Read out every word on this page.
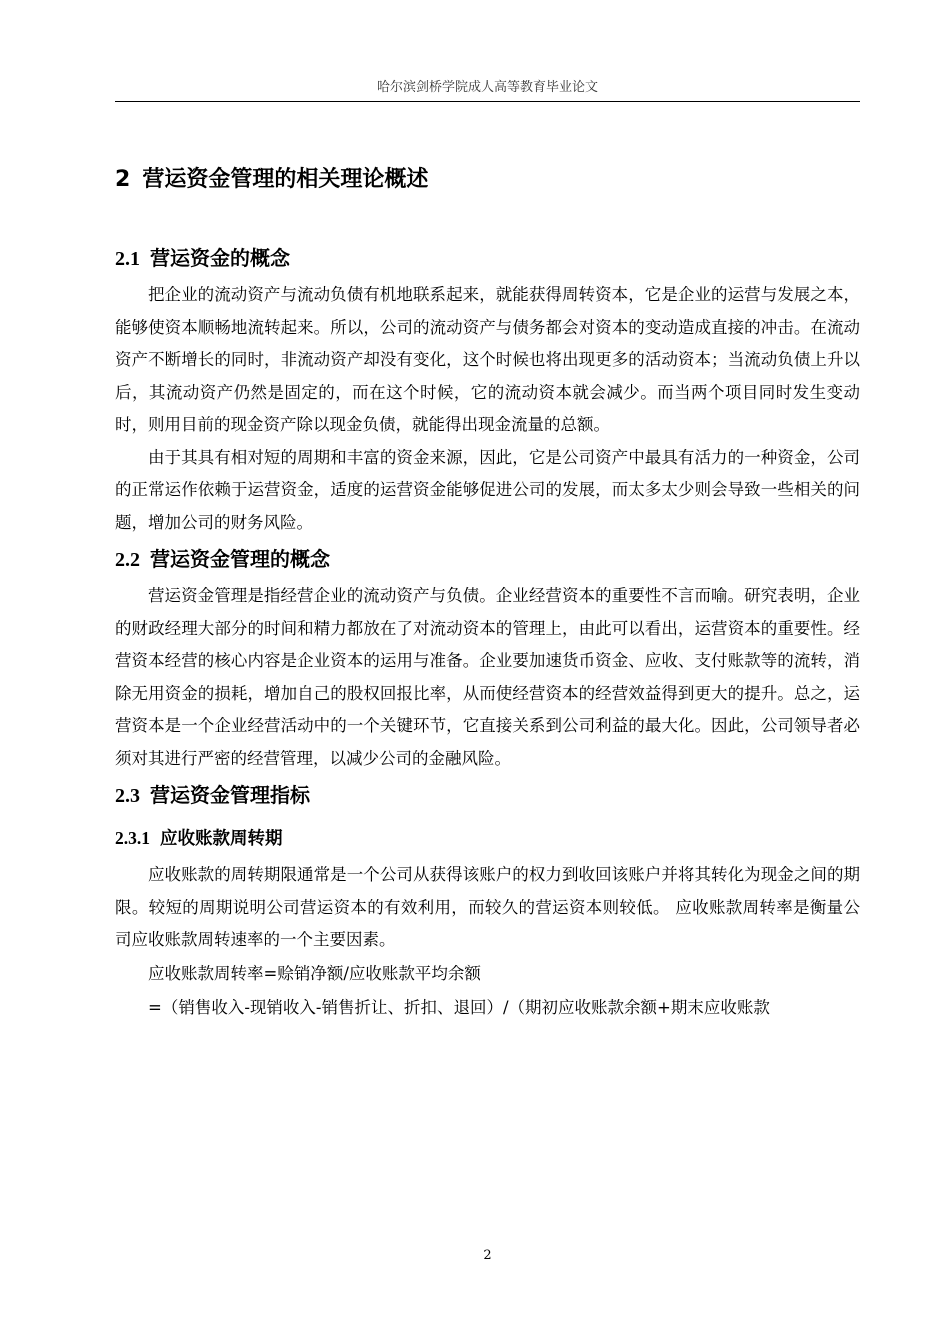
哈尔滨剑桥学院成人高等教育毕业论文
2 营运资金管理的相关理论概述
2.1 营运资金的概念

把企业的流动资产与流动负债有机地联系起来，就能获得周转资本，它是企业的运营与发展之本，能够使资本顺畅地流转起来。所以，公司的流动资产与债务都会对资本的变动造成直接的冲击。在流动资产不断增长的同时，非流动资产却没有变化，这个时候也将出现更多的活动资本；当流动负债上升以后，其流动资产仍然是固定的，而在这个时候，它的流动资本就会减少。而当两个项目同时发生变动时，则用目前的现金资产除以现金负债，就能得出现金流量的总额。

由于其具有相对短的周期和丰富的资金来源，因此，它是公司资产中最具有活力的一种资金，公司的正常运作依赖于运营资金，适度的运营资金能够促进公司的发展，而太多太少则会导致一些相关的问题，增加公司的财务风险。

2.2 营运资金管理的概念

营运资金管理是指经营企业的流动资产与负债。企业经营资本的重要性不言而喻。研究表明，企业的财政经理大部分的时间和精力都放在了对流动资本的管理上，由此可以看出，运营资本的重要性。经营资本经营的核心内容是企业资本的运用与准备。企业要加速货币资金、应收、支付账款等的流转，消除无用资金的损耗，增加自己的股权回报比率，从而使经营资本的经营效益得到更大的提升。总之，运营资本是一个企业经营活动中的一个关键环节，它直接关系到公司利益的最大化。因此，公司领导者必须对其进行严密的经营管理，以减少公司的金融风险。

2.3 营运资金管理指标
2.3.1 应收账款周转期

应收账款的周转期限通常是一个公司从获得该账户的权力到收回该账户并将其转化为现金之间的期限。较短的周期说明公司营运资本的有效利用，而较久的营运资本则较低。 应收账款周转率是衡量公司应收账款周转速率的一个主要因素。

应收账款周转率=赊销净额/应收账款平均余额

=（销售收入-现销收入-销售折让、折扣、退回）/（期初应收账款余额+期末应收账款

2
